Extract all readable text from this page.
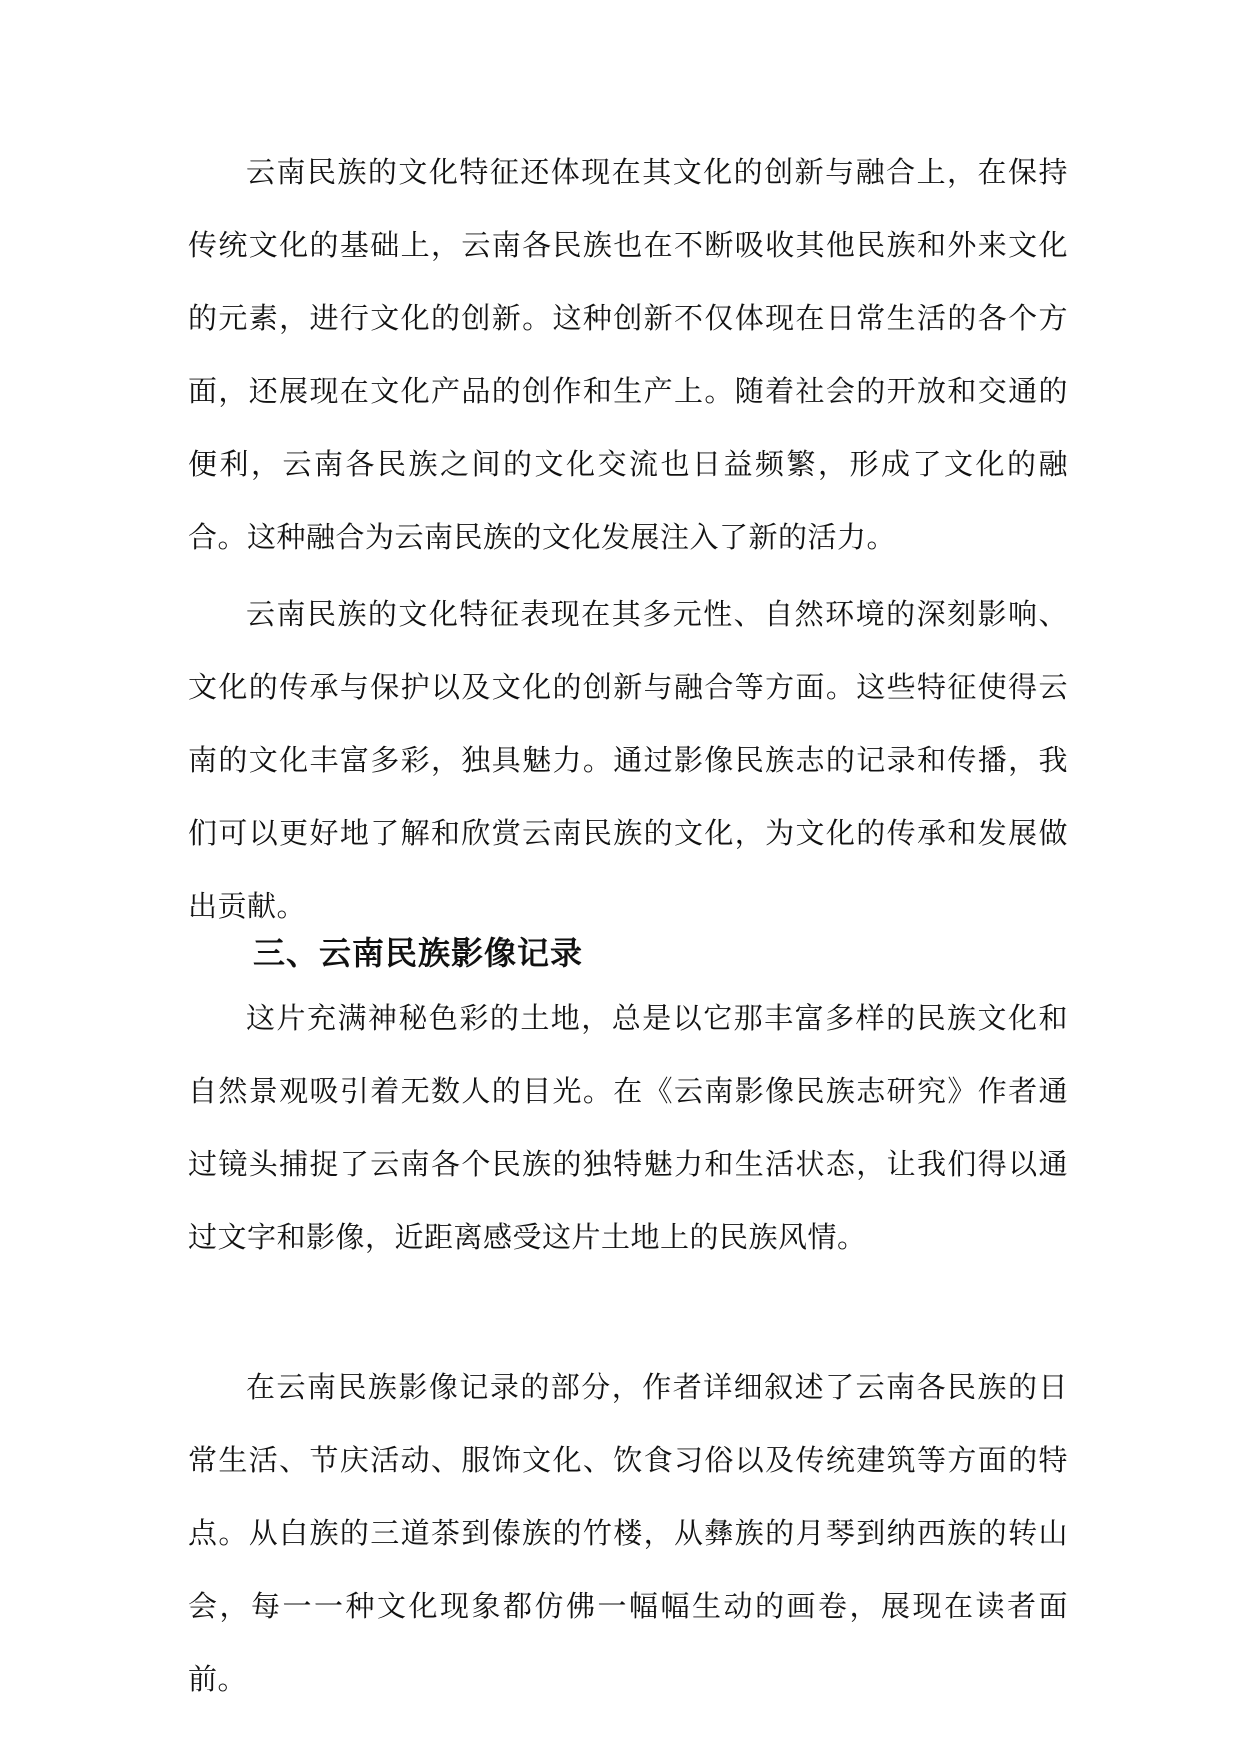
云南民族的文化特征还体现在其文化的创新与融合上，在保持传统文化的基础上，云南各民族也在不断吸收其他民族和外来文化的元素，进行文化的创新。这种创新不仅体现在日常生活的各个方面，还展现在文化产品的创作和生产上。随着社会的开放和交通的便利，云南各民族之间的文化交流也日益频繁，形成了文化的融合。这种融合为云南民族的文化发展注入了新的活力。

云南民族的文化特征表现在其多元性、自然环境的深刻影响、文化的传承与保护以及文化的创新与融合等方面。这些特征使得云南的文化丰富多彩，独具魅力。通过影像民族志的记录和传播，我们可以更好地了解和欣赏云南民族的文化，为文化的传承和发展做出贡献。

三、云南民族影像记录

这片充满神秘色彩的土地，总是以它那丰富多样的民族文化和自然景观吸引着无数人的目光。在《云南影像民族志研究》作者通过镜头捕捉了云南各个民族的独特魅力和生活状态，让我们得以通过文字和影像，近距离感受这片土地上的民族风情。

在云南民族影像记录的部分，作者详细叙述了云南各民族的日常生活、节庆活动、服饰文化、饮食习俗以及传统建筑等方面的特点。从白族的三道茶到傣族的竹楼，从彝族的月琴到纳西族的转山会，每一一种文化现象都仿佛一幅幅生动的画卷，展现在读者面前。
